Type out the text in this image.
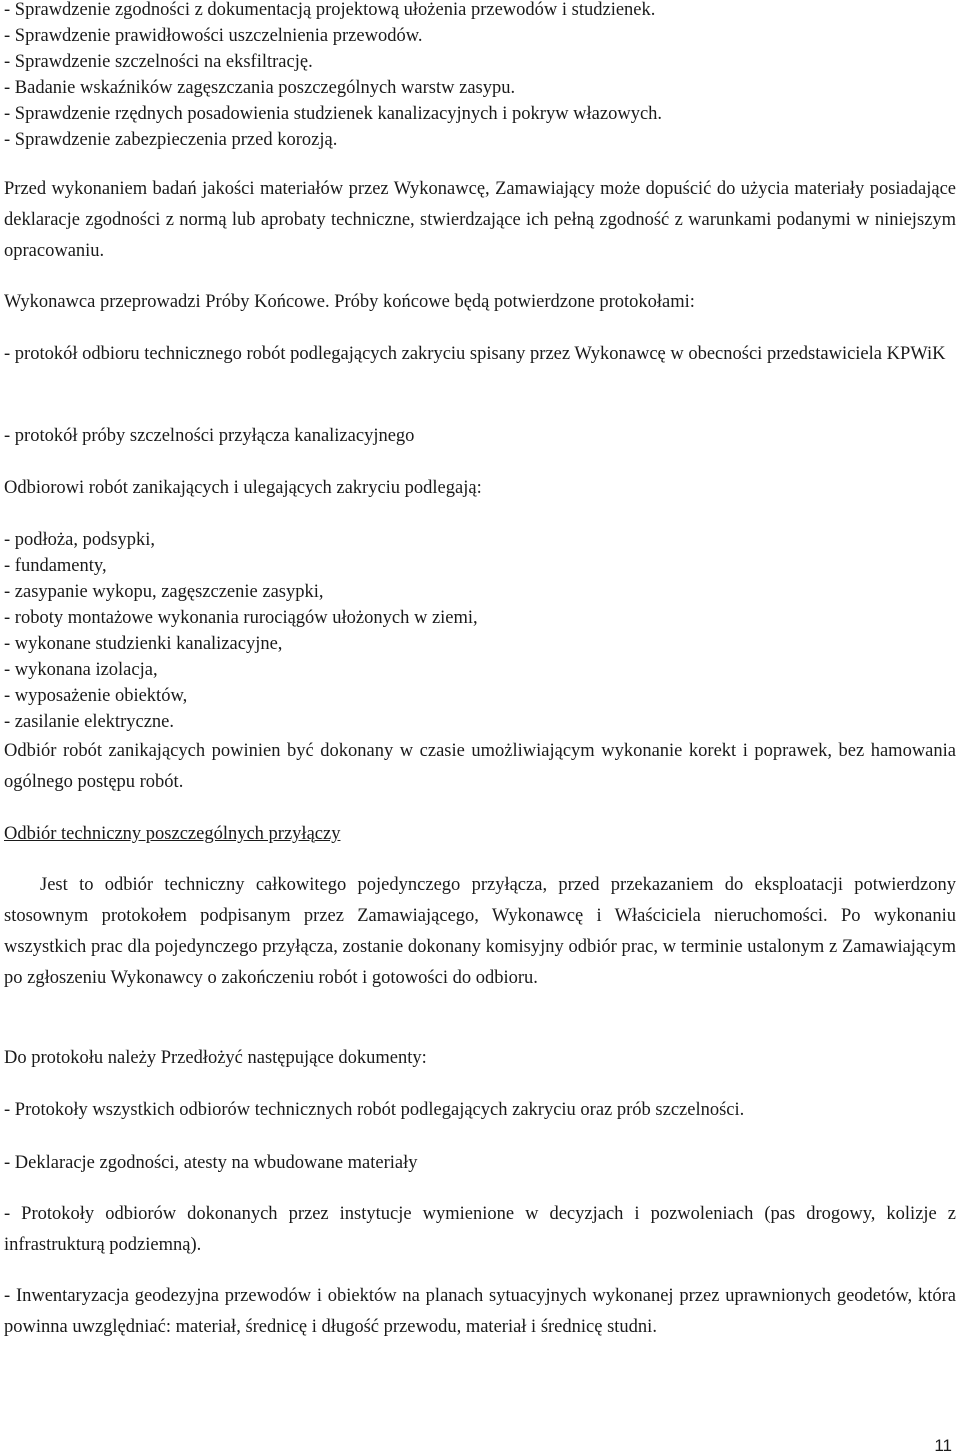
- Sprawdzenie zgodności z dokumentacją projektową ułożenia przewodów i studzienek.

- Sprawdzenie prawidłowości uszczelnienia przewodów.

- Sprawdzenie szczelności na eksfiltrację.

- Badanie wskaźników zagęszczania poszczególnych warstw zasypu.

- Sprawdzenie rzędnych posadowienia studzienek kanalizacyjnych i pokryw włazowych.

- Sprawdzenie zabezpieczenia przed korozją.

Przed wykonaniem badań jakości materiałów przez Wykonawcę, Zamawiający może dopuścić do użycia materiały posiadające deklaracje zgodności z normą lub aprobaty techniczne, stwierdzające ich pełną zgodność z warunkami podanymi w niniejszym opracowaniu.

Wykonawca przeprowadzi Próby Końcowe. Próby końcowe będą potwierdzone protokołami:

- protokół odbioru technicznego robót podlegających zakryciu spisany przez Wykonawcę w obecności przedstawiciela KPWiK

- protokół próby szczelności przyłącza kanalizacyjnego

Odbiorowi robót zanikających i ulegających zakryciu podlegają:

- podłoża, podsypki,

- fundamenty,

- zasypanie wykopu, zagęszczenie zasypki,

- roboty montażowe wykonania rurociągów ułożonych w ziemi,

- wykonane studzienki kanalizacyjne,

- wykonana izolacja,

- wyposażenie obiektów,

- zasilanie elektryczne.

Odbiór robót zanikających powinien być dokonany w czasie umożliwiającym wykonanie korekt i poprawek, bez hamowania ogólnego postępu robót.

Odbiór techniczny poszczególnych przyłączy

Jest to odbiór techniczny całkowitego pojedynczego przyłącza, przed przekazaniem do eksploatacji potwierdzony stosownym protokołem podpisanym przez Zamawiającego, Wykonawcę i Właściciela nieruchomości. Po wykonaniu wszystkich prac dla pojedynczego przyłącza, zostanie dokonany komisyjny odbiór prac, w terminie ustalonym z Zamawiającym po zgłoszeniu Wykonawcy o zakończeniu robót i gotowości do odbioru.

Do protokołu należy Przedłożyć następujące dokumenty:

- Protokoły wszystkich odbiorów technicznych robót podlegających zakryciu oraz prób szczelności.

- Deklaracje zgodności, atesty na wbudowane materiały

- Protokoły odbiorów dokonanych przez instytucje wymienione w decyzjach i pozwoleniach (pas drogowy, kolizje z infrastrukturą podziemną).

- Inwentaryzacja geodezyjna przewodów i obiektów na planach sytuacyjnych wykonanej przez uprawnionych geodetów, która powinna uwzględniać: materiał, średnicę i długość przewodu, materiał i średnicę studni.

11
